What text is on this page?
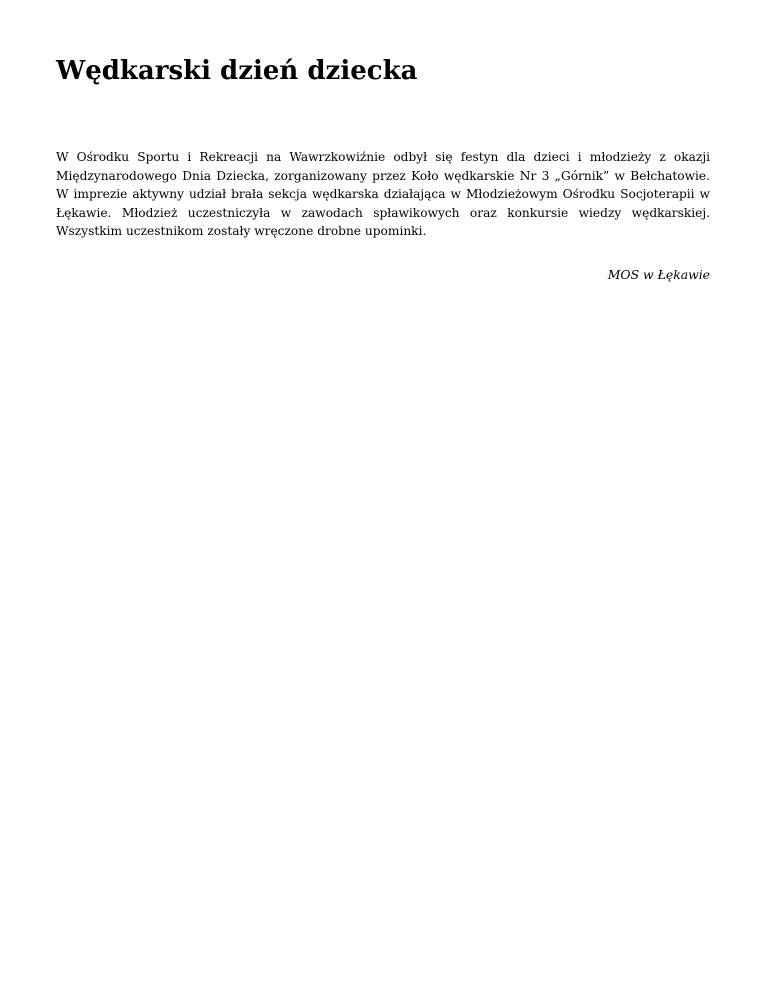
Wędkarski dzień dziecka

W Ośrodku Sportu i Rekreacji na Wawrzkowiźnie odbył się festyn dla dzieci i młodzieży z okazji Międzynarodowego Dnia Dziecka, zorganizowany przez Koło wędkarskie Nr 3 „Górnik” w Bełchatowie. W imprezie aktywny udział brała sekcja wędkarska działająca w Młodzieżowym Ośrodku Socjoterapii w Łękawie. Młodzież uczestniczyła w zawodach spławikowych oraz konkursie wiedzy wędkarskiej. Wszystkim uczestnikom zostały wręczone drobne upominki.

MOS w Łękawie
